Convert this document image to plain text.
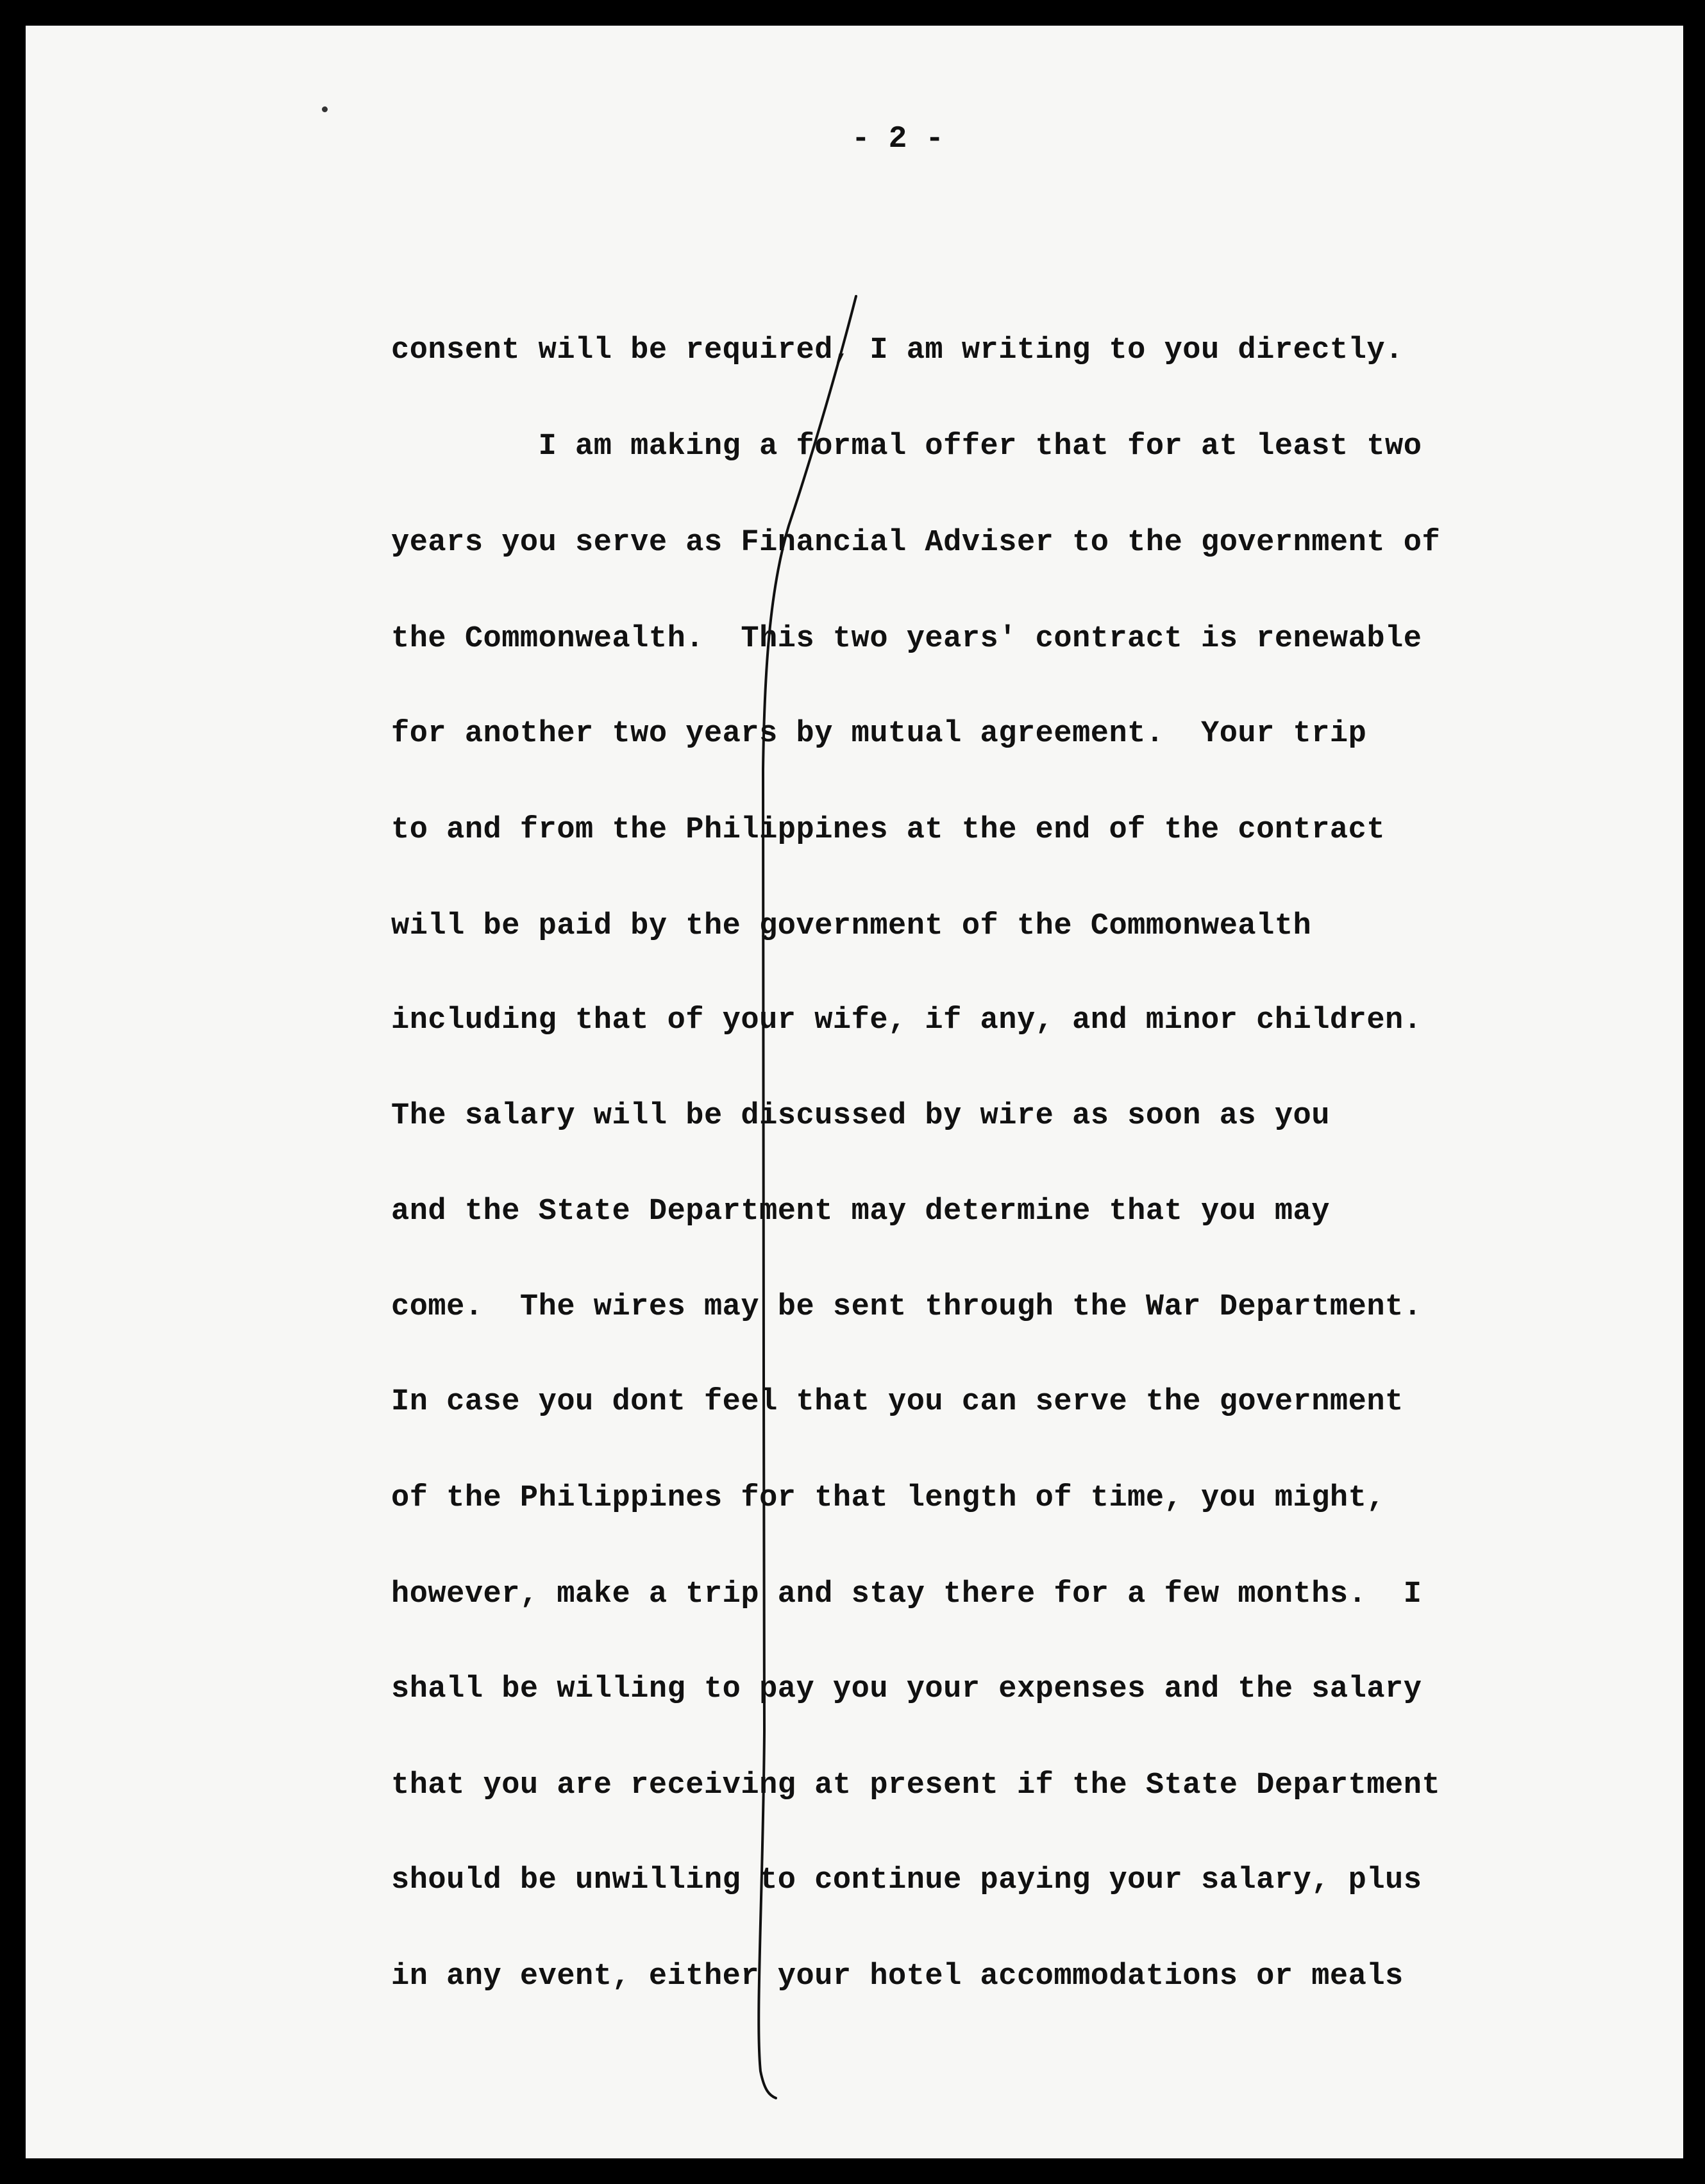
- 2 -
consent will be required, I am writing to you directly.
I am making a formal offer that for at least two
years you serve as Financial Adviser to the government of
the Commonwealth.  This two years' contract is renewable
for another two years by mutual agreement.  Your trip
to and from the Philippines at the end of the contract
will be paid by the government of the Commonwealth
including that of your wife, if any, and minor children.
The salary will be discussed by wire as soon as you
and the State Department may determine that you may
come.  The wires may be sent through the War Department.
In case you dont feel that you can serve the government
of the Philippines for that length of time, you might,
however, make a trip and stay there for a few months.  I
shall be willing to pay you your expenses and the salary
that you are receiving at present if the State Department
should be unwilling to continue paying your salary, plus
in any event, either your hotel accommodations or meals
